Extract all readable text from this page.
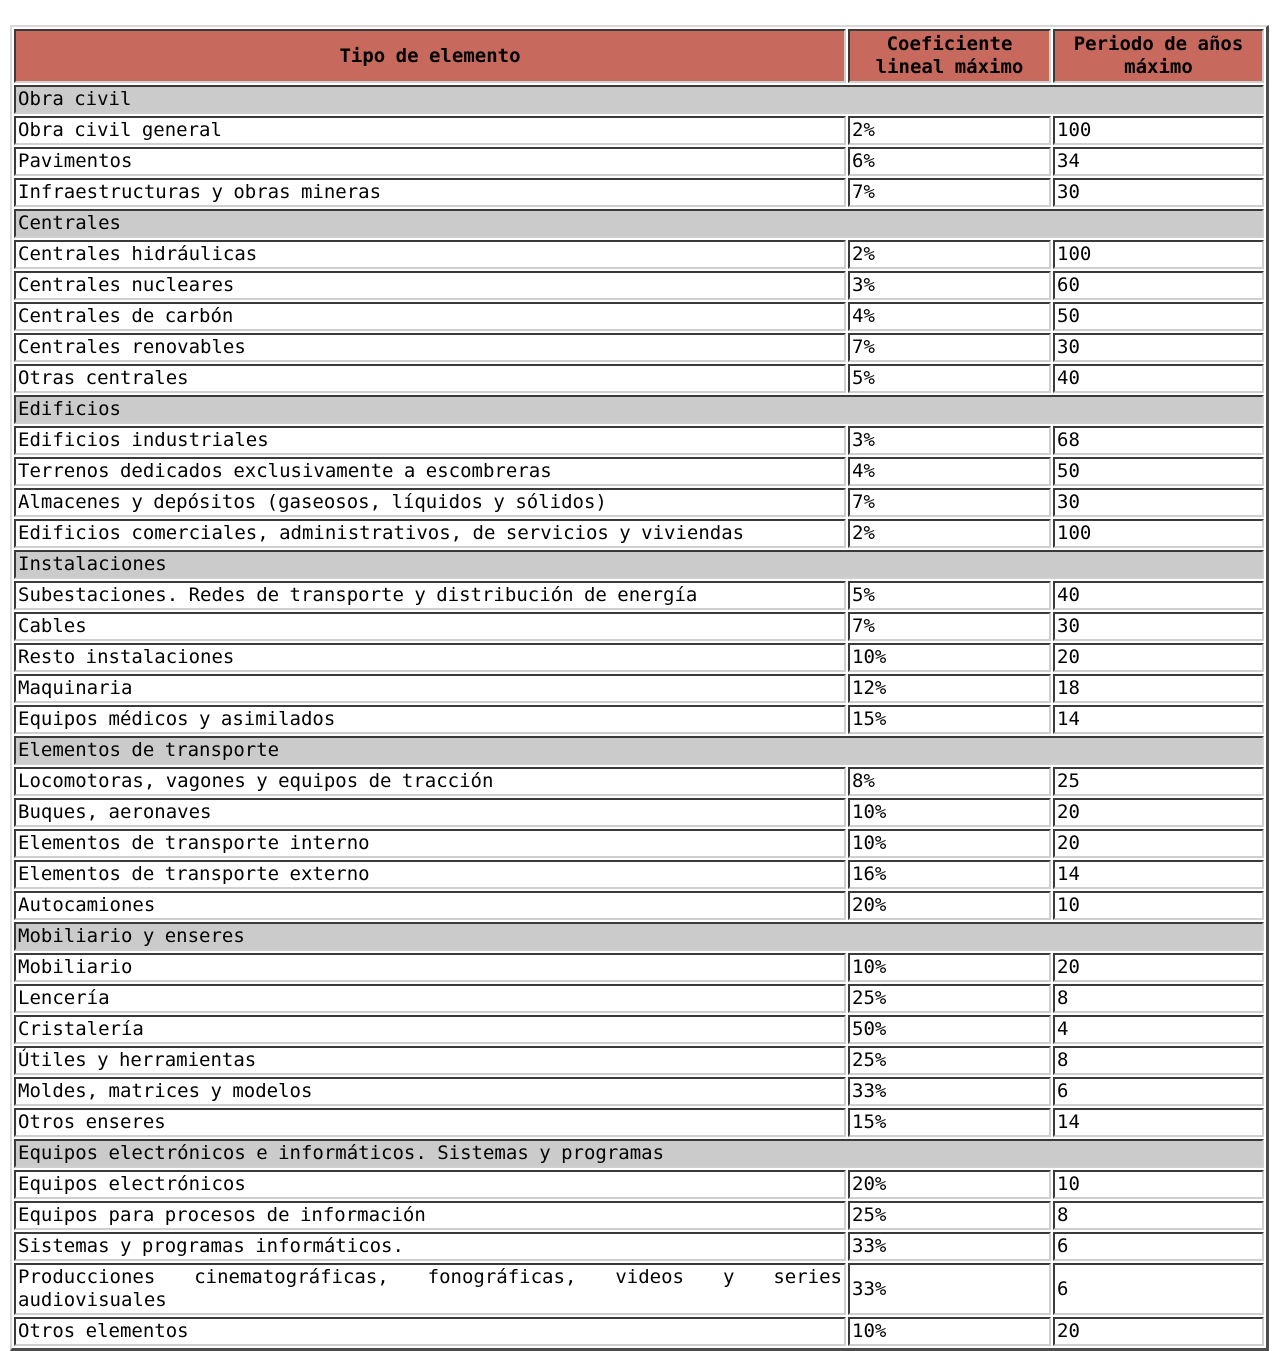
Tipo de elemento	Coeficiente lineal máximo	Periodo de años máximo
Obra civil		
Obra civil general	2%	100
Pavimentos	6%	34
Infraestructuras y obras mineras	7%	30
Centrales		
Centrales hidráulicas	2%	100
Centrales nucleares	3%	60
Centrales de carbón	4%	50
Centrales renovables	7%	30
Otras centrales	5%	40
Edificios		
Edificios industriales	3%	68
Terrenos dedicados exclusivamente a escombreras	4%	50
Almacenes y depósitos (gaseosos, líquidos y sólidos)	7%	30
Edificios comerciales, administrativos, de servicios y viviendas	2%	100
Instalaciones		
Subestaciones. Redes de transporte y distribución de energía	5%	40
Cables	7%	30
Resto instalaciones	10%	20
Maquinaria	12%	18
Equipos médicos y asimilados	15%	14
Elementos de transporte		
Locomotoras, vagones y equipos de tracción	8%	25
Buques, aeronaves	10%	20
Elementos de transporte interno	10%	20
Elementos de transporte externo	16%	14
Autocamiones	20%	10
Mobiliario y enseres		
Mobiliario	10%	20
Lencería	25%	8
Cristalería	50%	4
Útiles y herramientas	25%	8
Moldes, matrices y modelos	33%	6
Otros enseres	15%	14
Equipos electrónicos e informáticos. Sistemas y programas		
Equipos electrónicos	20%	10
Equipos para procesos de información	25%	8
Sistemas y programas informáticos.	33%	6
Producciones cinematográficas, fonográficas, videos y series audiovisuales	33%	6
Otros elementos	10%	20
